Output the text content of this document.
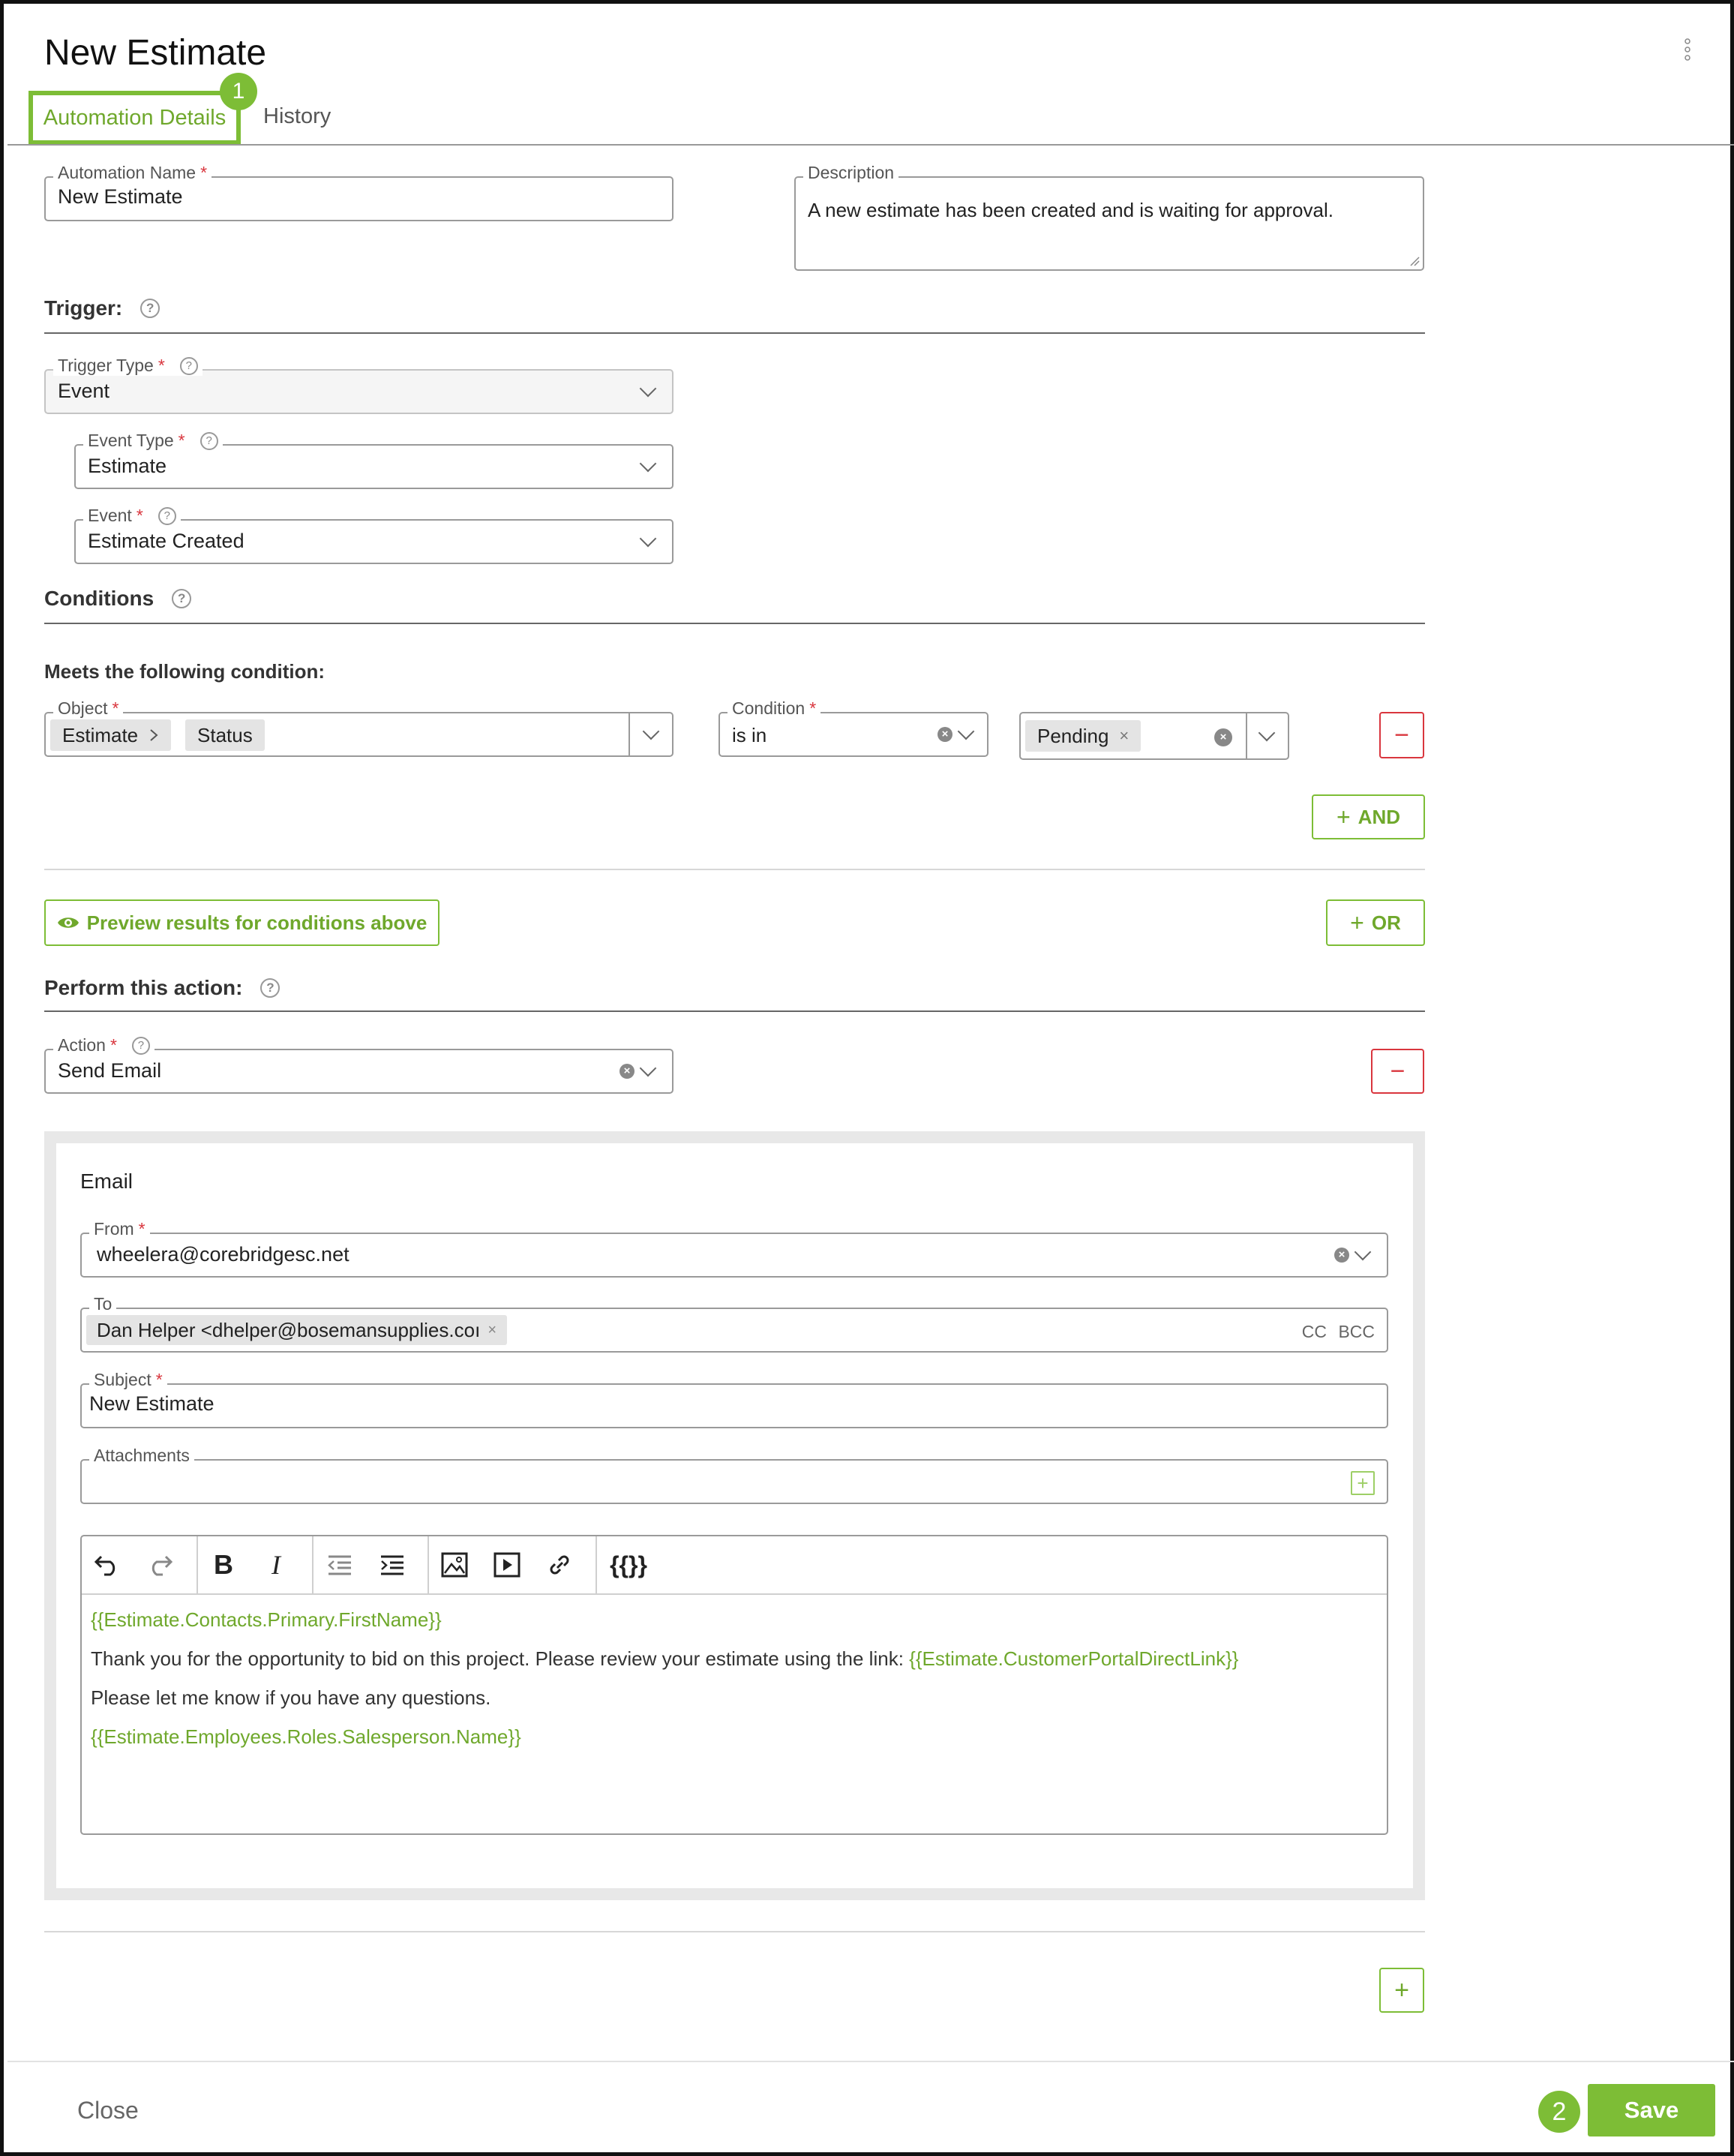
New Estimate
Automation Details
1
History
Automation Name *
New Estimate
Description
A new estimate has been created and is waiting for approval.
Trigger:	?
Trigger Type *	?
Event
Event Type *	?
Estimate
Event *	?
Estimate Created
Conditions	?
Meets the following condition:
Object *
Estimate	Status
Condition *
is in	×	Pending ×	×	−
+ AND
Preview results for conditions above	+ OR
Perform this action:	?
Action *	?
Send Email	×	−
Email
From *
wheelera@corebridgesc.net	×
To
Dan Helper <dhelper@bosemansupplies.coı ×	CC BCC
Subject *
New Estimate
Attachments
+
B	I	{{}}
{{Estimate.Contacts.Primary.FirstName}}
Thank you for the opportunity to bid on this project. Please review your estimate using the link: {{Estimate.CustomerPortalDirectLink}}
Please let me know if you have any questions.
{{Estimate.Employees.Roles.Salesperson.Name}}
+
Close	2	Save
